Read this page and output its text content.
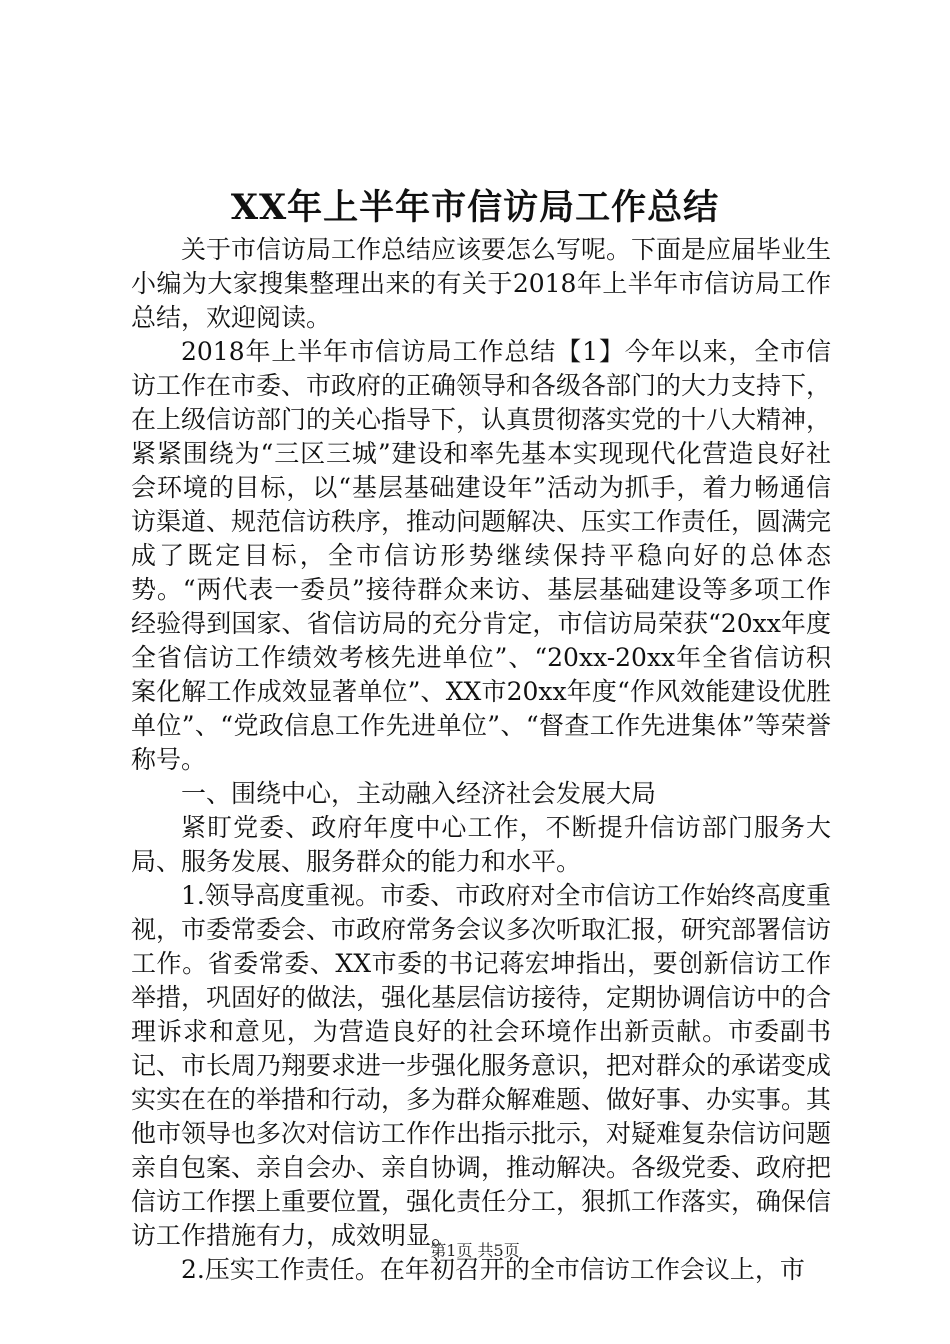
XX年上半年市信访局工作总结

关于市信访局工作总结应该要怎么写呢。下面是应届毕业生小编为大家搜集整理出来的有关于2018年上半年市信访局工作总结，欢迎阅读。

2018年上半年市信访局工作总结【1】今年以来，全市信访工作在市委、市政府的正确领导和各级各部门的大力支持下，在上级信访部门的关心指导下，认真贯彻落实党的十八大精神，紧紧围绕为“三区三城”建设和率先基本实现现代化营造良好社会环境的目标，以“基层基础建设年”活动为抓手，着力畅通信访渠道、规范信访秩序，推动问题解决、压实工作责任，圆满完成了既定目标，全市信访形势继续保持平稳向好的总体态势。“两代表一委员”接待群众来访、基层基础建设等多项工作经验得到国家、省信访局的充分肯定，市信访局荣获“20xx年度全省信访工作绩效考核先进单位”、“20xx-20xx年全省信访积案化解工作成效显著单位”、XX市20xx年度“作风效能建设优胜单位”、“党政信息工作先进单位”、“督查工作先进集体”等荣誉称号。

一、围绕中心，主动融入经济社会发展大局

紧盯党委、政府年度中心工作，不断提升信访部门服务大局、服务发展、服务群众的能力和水平。

1.领导高度重视。市委、市政府对全市信访工作始终高度重视，市委常委会、市政府常务会议多次听取汇报，研究部署信访工作。省委常委、XX市委的书记蒋宏坤指出，要创新信访工作举措，巩固好的做法，强化基层信访接待，定期协调信访中的合理诉求和意见，为营造良好的社会环境作出新贡献。市委副书记、市长周乃翔要求进一步强化服务意识，把对群众的承诺变成实实在在的举措和行动，多为群众解难题、做好事、办实事。其他市领导也多次对信访工作作出指示批示，对疑难复杂信访问题亲自包案、亲自会办、亲自协调，推动解决。各级党委、政府把信访工作摆上重要位置，强化责任分工，狠抓工作落实，确保信访工作措施有力，成效明显。

2.压实工作责任。在年初召开的全市信访工作会议上，市

第1页 共5页
